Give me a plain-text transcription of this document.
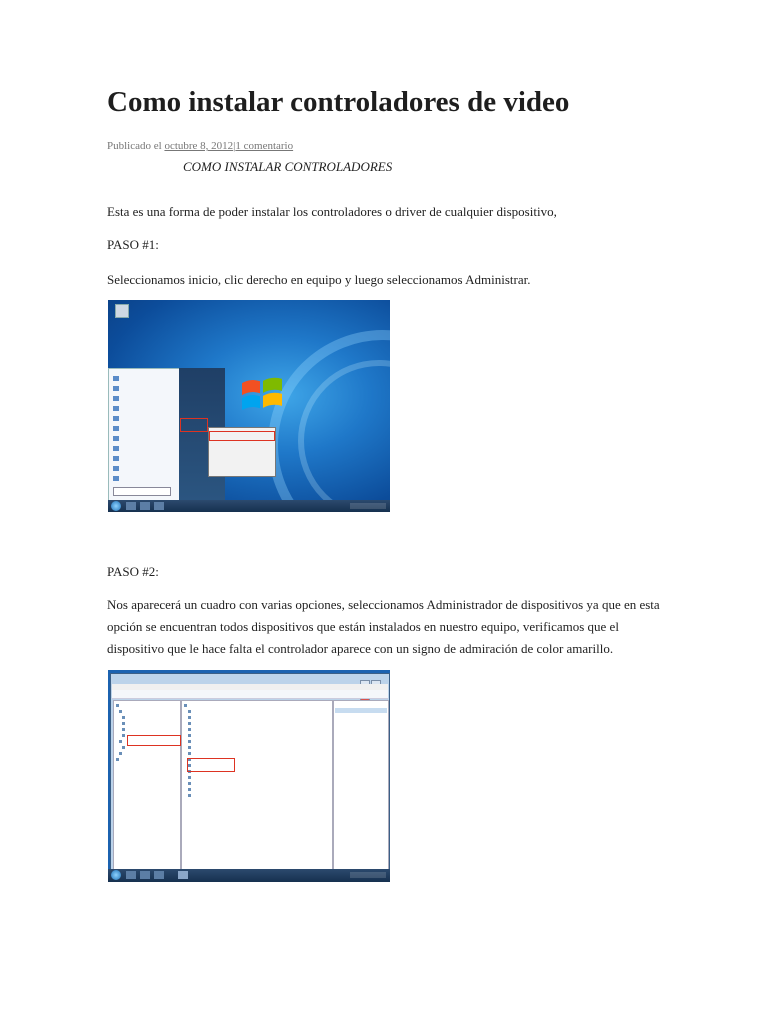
Como instalar controladores de video
Publicado el octubre 8, 2012|1 comentario
COMO INSTALAR CONTROLADORES

Esta es una forma de poder instalar los controladores o driver de cualquier dispositivo,

PASO #1:

Seleccionamos inicio, clic derecho en equipo y luego seleccionamos Administrar.

PASO #2:

Nos aparecerá un cuadro con varias opciones, seleccionamos Administrador de dispositivos ya que en esta opción se encuentran todos dispositivos que están instalados en nuestro equipo, verificamos que el dispositivo que le hace falta el controlador aparece con un signo de admiración de color amarillo.
